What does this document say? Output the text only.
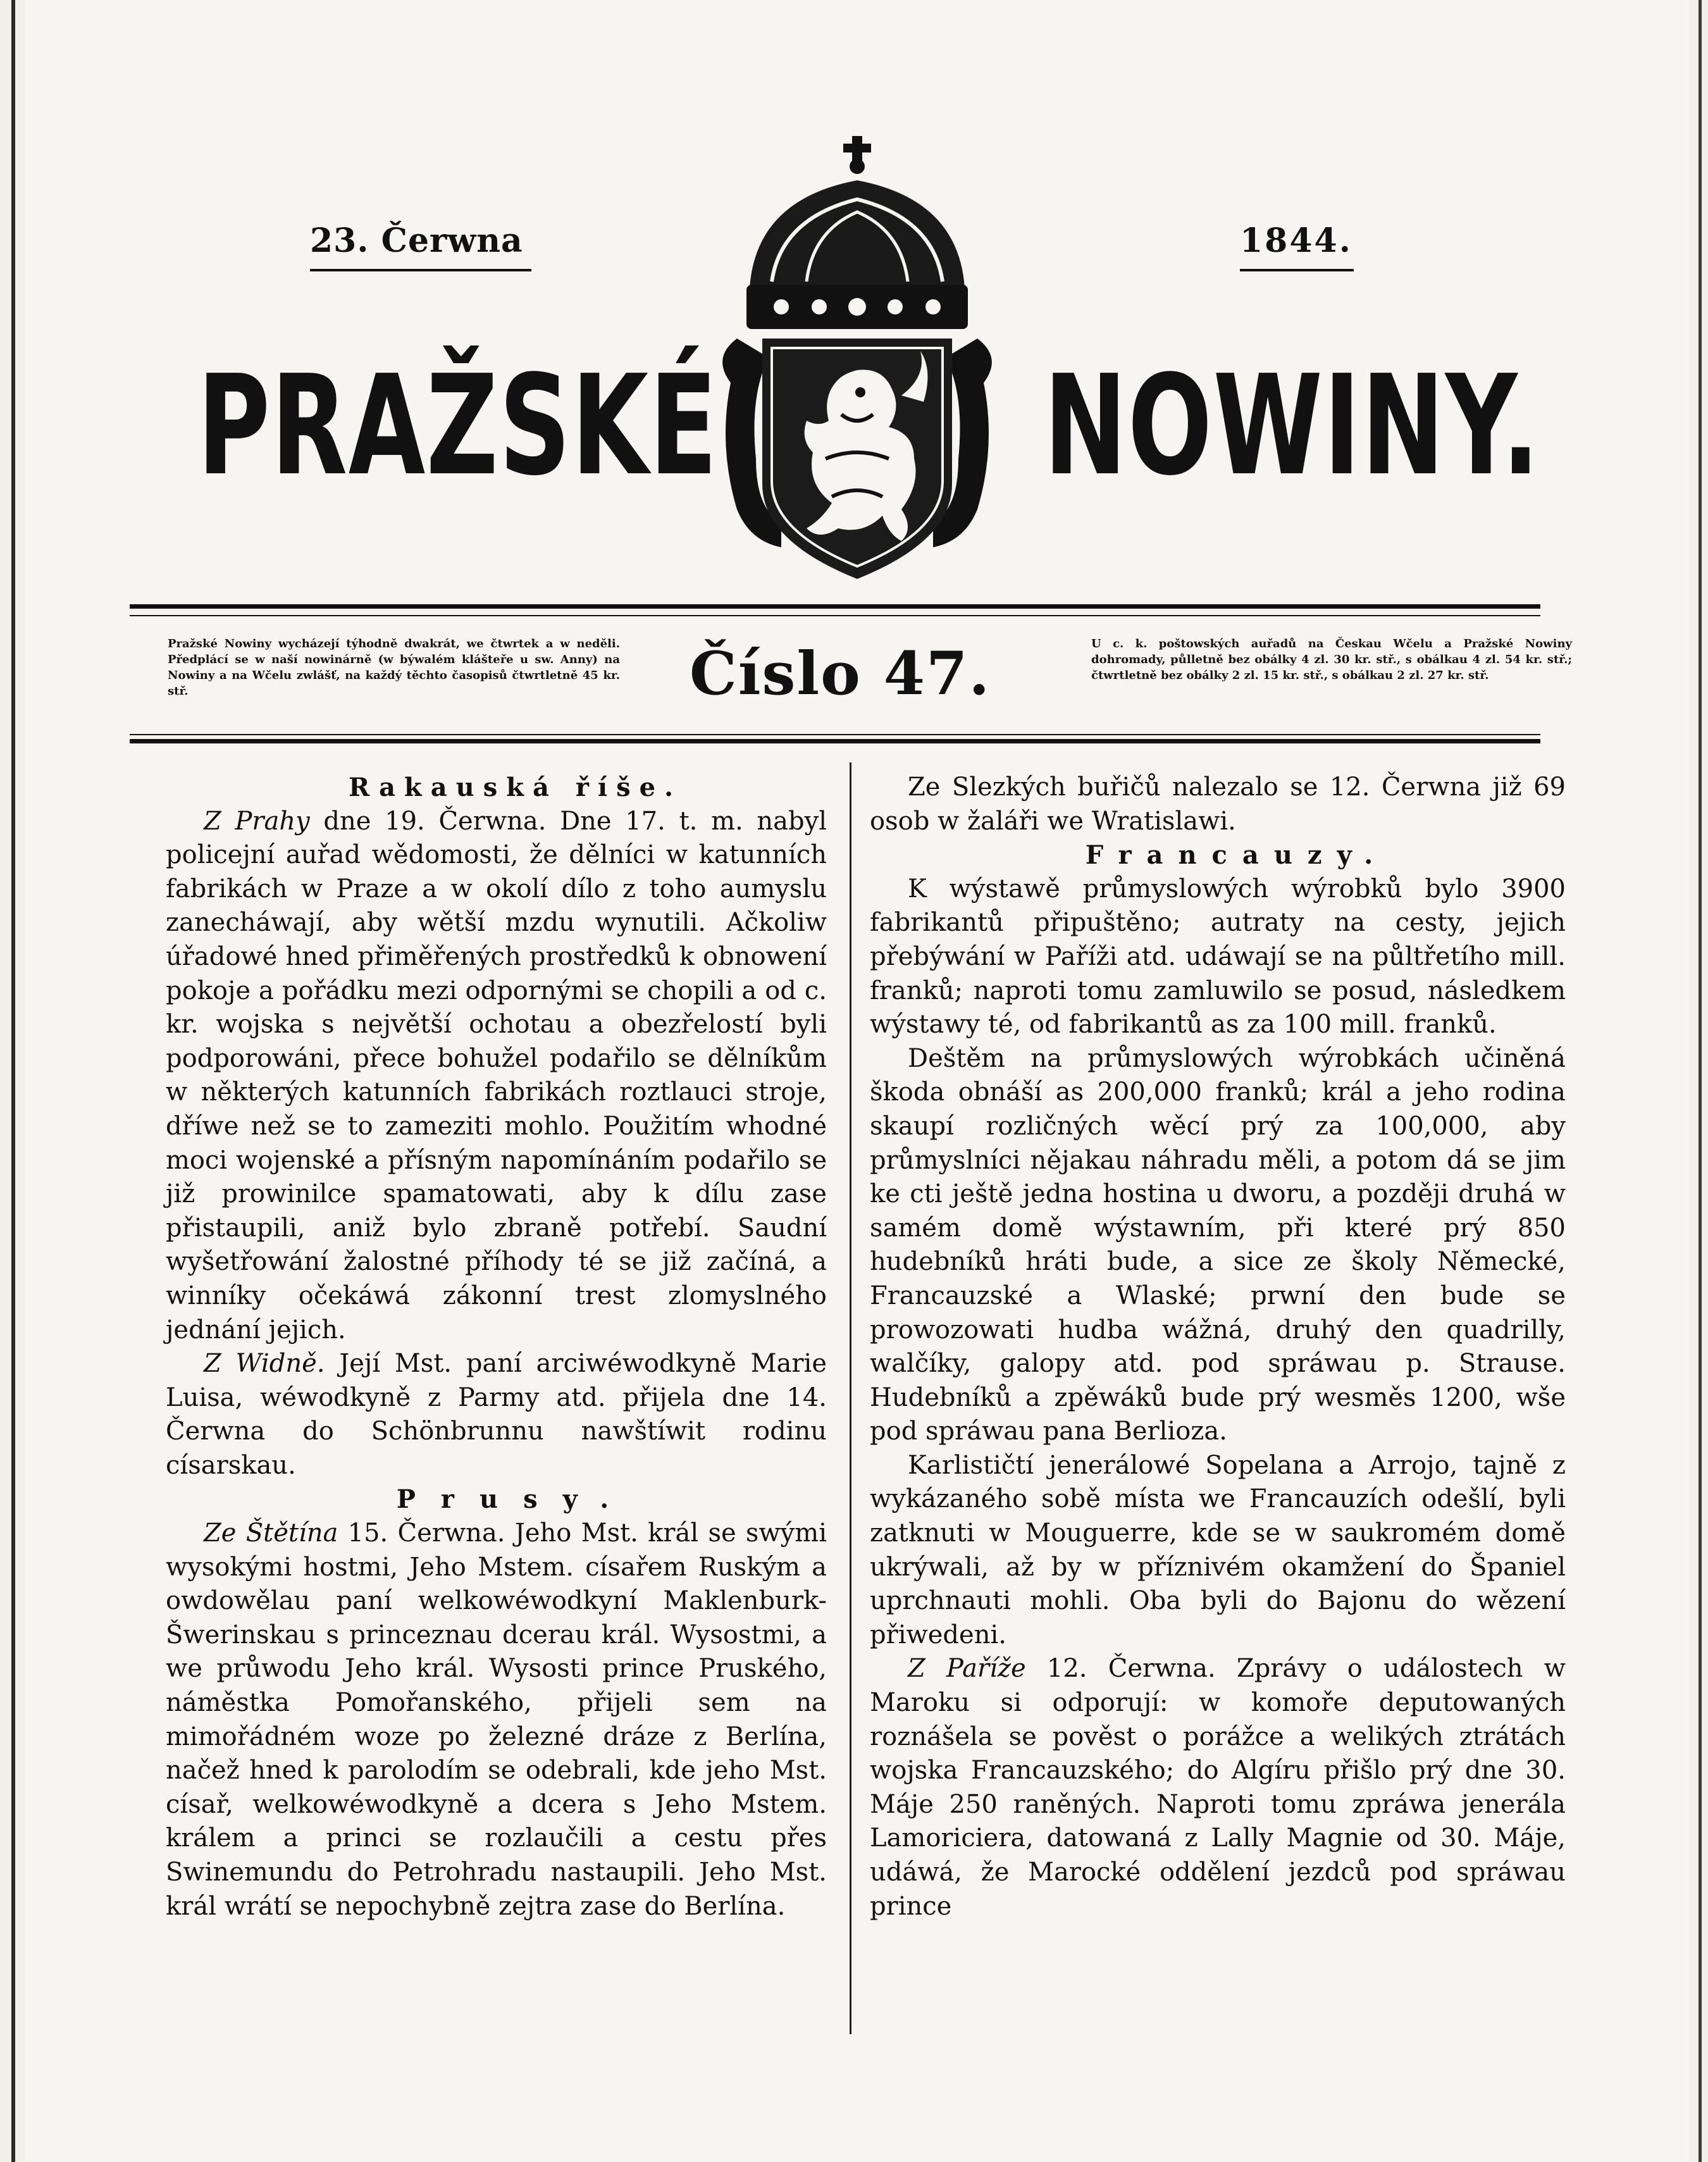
23. Čerwna	1844.
PRAŽSKÉ NOWINY.
Pražské Nowiny wycházejí týhodně dwakrát, we čtwrtek a w neděli. Předplácí se w naší nowinárně (w býwalém klášteře u sw. Anny) na Nowiny a na Wčelu zwlášť, na každý těchto časopisů čtwrtletně 45 kr. stř.	Číslo 47.	U c. k. poštowských auřadů na Českau Wčelu a Pražské Nowiny dohromady, půlletně bez obálky 4 zl. 30 kr. stř., s obálkau 4 zl. 54 kr. stř.; čtwrtletně bez obálky 2 zl. 15 kr. stř., s obálkau 2 zl. 27 kr. stř.

Rakauská říše.

Z Prahy dne 19. Čerwna. Dne 17. t. m. nabyl policejní auřad wědomosti, že dělníci w katunních fabrikách w Praze a w okolí dílo z toho aumyslu zanecháwají, aby wětší mzdu wynutili. Ačkoliw úřadowé hned přiměřených prostředků k obnowení pokoje a pořádku mezi odpornými se chopili a od c. kr. wojska s největší ochotau a obezřelostí byli podporowáni, přece bohužel podařilo se dělníkům w některých katunních fabrikách roztlauci stroje, dříwe než se to zameziti mohlo. Použitím whodné moci wojenské a přísným napomínáním podařilo se již prowinilce spamatowati, aby k dílu zase přistaupili, aniž bylo zbraně potřebí. Saudní wyšetřowání žalostné příhody té se již začíná, a winníky očekáwá zákonní trest zlomyslného jednání jejich.

Z Widně. Její Mst. paní arciwéwodkyně Marie Luisa, wéwodkyně z Parmy atd. přijela dne 14. Čerwna do Schönbrunnu nawštíwit rodinu císarskau.

Prusy.

Ze Štětína 15. Čerwna. Jeho Mst. král se swými wysokými hostmi, Jeho Mstem. císařem Ruským a owdowělau paní welkowéwodkyní Maklenburk-Šwerinskau s princeznau dcerau král. Wysostmi, a we průwodu Jeho král. Wysosti prince Pruského, náměstka Pomořanského, přijeli sem na mimořádném woze po železné dráze z Berlína, načež hned k parolodím se odebrali, kde jeho Mst. císař, welkowéwodkyně a dcera s Jeho Mstem. králem a princi se rozlaučili a cestu přes Swinemundu do Petrohradu nastaupili. Jeho Mst. král wrátí se nepochybně zejtra zase do Berlína.

Ze Slezkých buřičů nalezalo se 12. Čerwna již 69 osob w žaláři we Wratislawi.

Francauzy.

K wýstawě průmyslowých wýrobků bylo 3900 fabrikantů připuštěno; autraty na cesty, jejich přebýwání w Paříži atd. udáwají se na půltřetího mill. franků; naproti tomu zamluwilo se posud, následkem wýstawy té, od fabrikantů as za 100 mill. franků.

Deštěm na průmyslowých wýrobkách učiněná škoda obnáší as 200,000 franků; král a jeho rodina skaupí rozličných wěcí prý za 100,000, aby průmyslníci nějakau náhradu měli, a potom dá se jim ke cti ještě jedna hostina u dworu, a později druhá w samém domě wýstawním, při které prý 850 hudebníků hráti bude, a sice ze školy Německé, Francauzské a Wlaské; prwní den bude se prowozowati hudba wážná, druhý den quadrilly, walčíky, galopy atd. pod spráwau p. Strause. Hudebníků a zpěwáků bude prý wesměs 1200, wše pod spráwau pana Berlioza.

Karlističtí jenerálowé Sopelana a Arrojo, tajně z wykázaného sobě místa we Francauzích odešlí, byli zatknuti w Mouguerre, kde se w saukromém domě ukrýwali, až by w příznivém okamžení do Španiel uprchnauti mohli. Oba byli do Bajonu do wězení přiwedeni.

Z Paříže 12. Čerwna. Zprávy o událostech w Maroku si odporují: w komoře deputowaných roznášela se pověst o porážce a welikých ztrátách wojska Francauzského; do Algíru přišlo prý dne 30. Máje 250 raněných. Naproti tomu zpráwa jenerála Lamoriciera, datowaná z Lally Magnie od 30. Máje, udáwá, že Marocké oddělení jezdců pod spráwau prince
